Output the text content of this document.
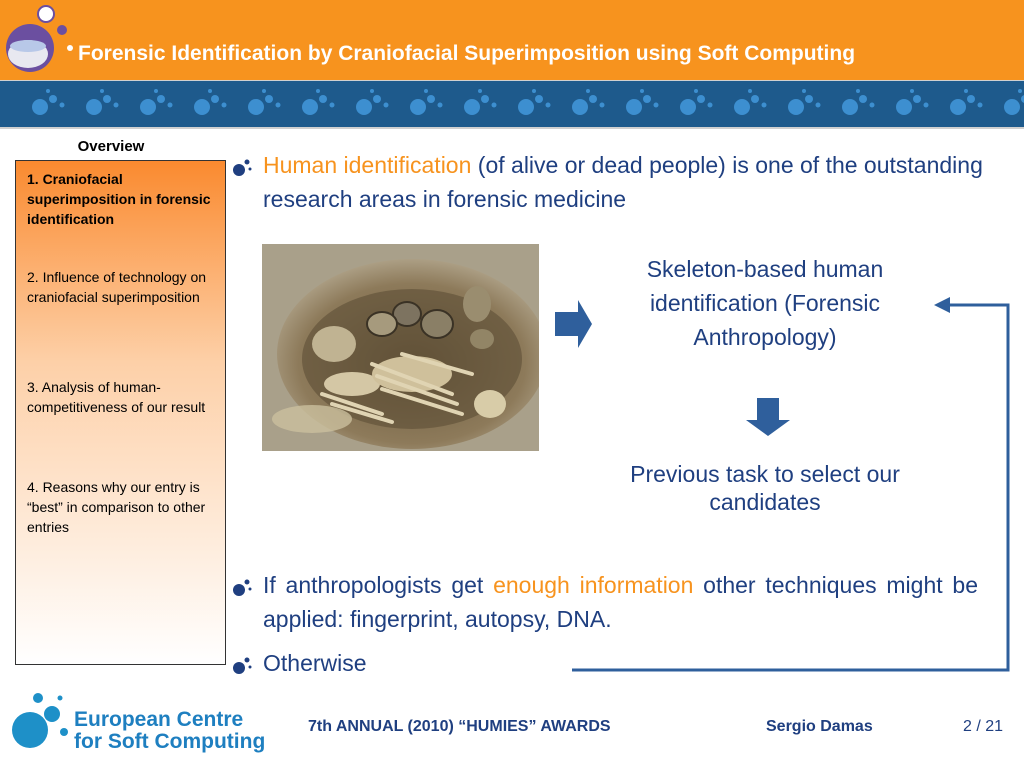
Forensic Identification by Craniofacial Superimposition using Soft Computing
Overview
1. Craniofacial superimposition in forensic identification
2. Influence of technology on craniofacial superimposition
3. Analysis of human-competitiveness of our result
4. Reasons why our entry is “best” in comparison to other entries
Human identification (of alive or dead people) is one of the outstanding research areas in forensic medicine
Skeleton-based human identification (Forensic Anthropology)
Previous task to select our candidates
If anthropologists get enough information other techniques might be applied: fingerprint, autopsy, DNA.
Otherwise
European Centre
for Soft Computing
7th ANNUAL (2010) “HUMIES” AWARDS	Sergio Damas	2 / 21
